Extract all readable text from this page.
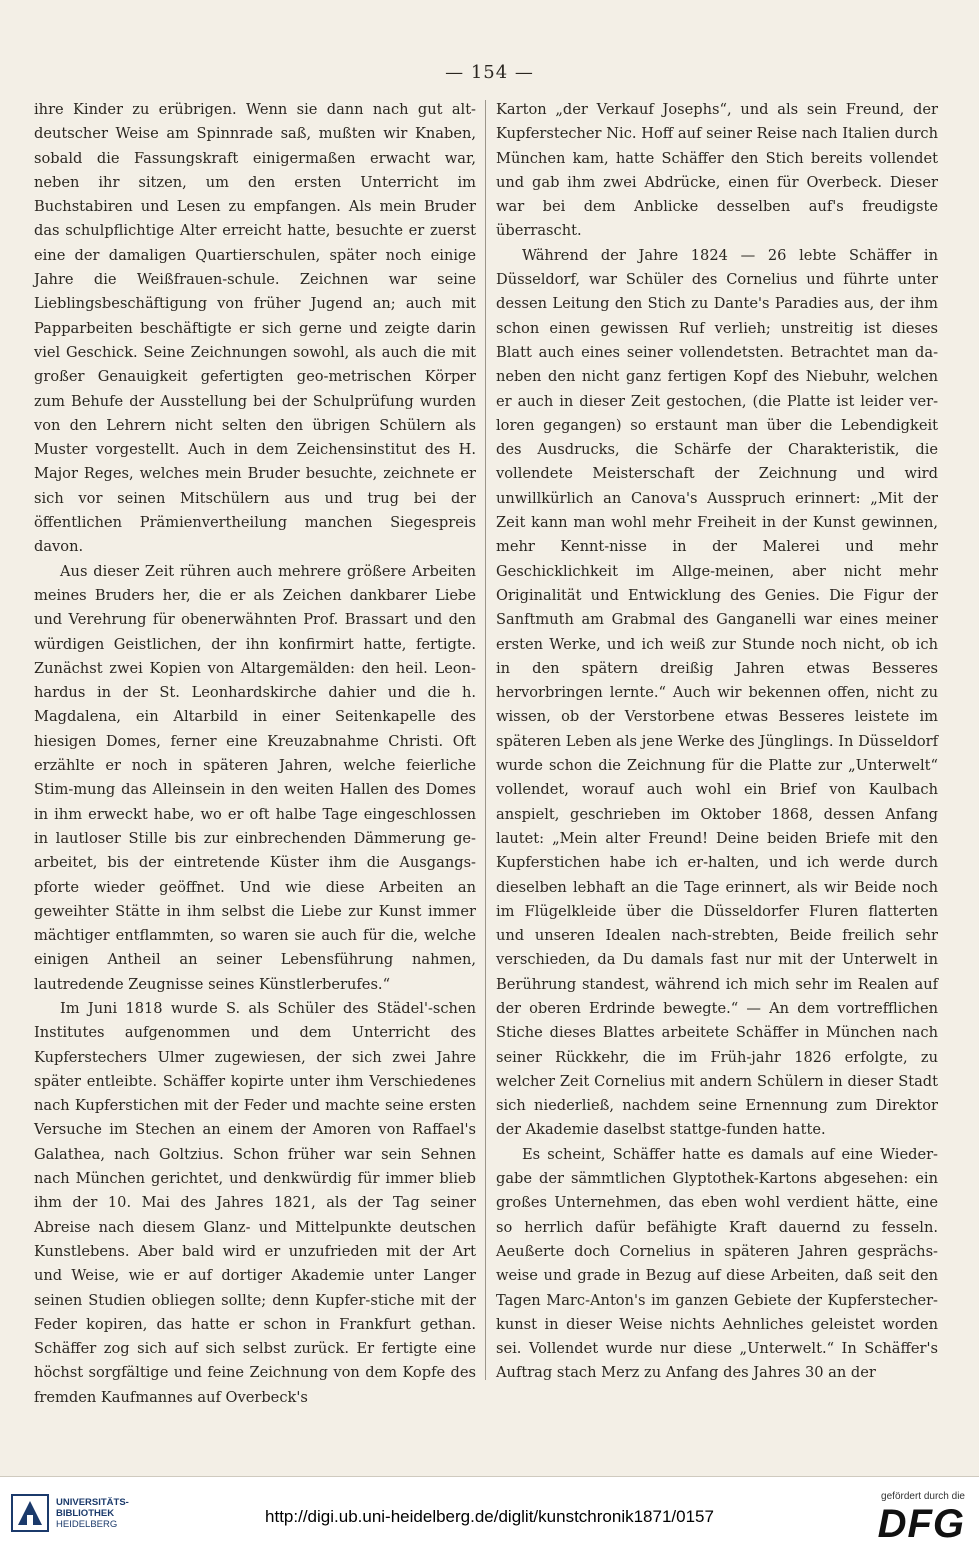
— 154 —

ihre Kinder zu erübrigen. Wenn sie dann nach gut alt-deutscher Weise am Spinnrade saß, mußten wir Knaben, sobald die Fassungskraft einigermaßen erwacht war, neben ihr sitzen, um den ersten Unterricht im Buchstabiren und Lesen zu empfangen. Als mein Bruder das schulpflichtige Alter erreicht hatte, besuchte er zuerst eine der damaligen Quartierschulen, später noch einige Jahre die Weißfrauen-schule. Zeichnen war seine Lieblingsbeschäftigung von früher Jugend an; auch mit Papparbeiten beschäftigte er sich gerne und zeigte darin viel Geschick. Seine Zeichnungen sowohl, als auch die mit großer Genauigkeit gefertigten geo-metrischen Körper zum Behufe der Ausstellung bei der Schulprüfung wurden von den Lehrern nicht selten den übrigen Schülern als Muster vorgestellt. Auch in dem Zeichensinstitut des H. Major Reges, welches mein Bruder besuchte, zeichnete er sich vor seinen Mitschülern aus und trug bei der öffentlichen Prämienvertheilung manchen Siegespreis davon.

Aus dieser Zeit rühren auch mehrere größere Arbeiten meines Bruders her, die er als Zeichen dankbarer Liebe und Verehrung für obenerwähnten Prof. Brassart und den würdigen Geistlichen, der ihn konfirmirt hatte, fertigte. Zunächst zwei Kopien von Altargemälden: den heil. Leon-hardus in der St. Leonhardskirche dahier und die h. Magdalena, ein Altarbild in einer Seitenkapelle des hiesigen Domes, ferner eine Kreuzabnahme Christi. Oft erzählte er noch in späteren Jahren, welche feierliche Stim-mung das Alleinsein in den weiten Hallen des Domes in ihm erweckt habe, wo er oft halbe Tage eingeschlossen in lautloser Stille bis zur einbrechenden Dämmerung ge-arbeitet, bis der eintretende Küster ihm die Ausgangs-pforte wieder geöffnet. Und wie diese Arbeiten an geweihter Stätte in ihm selbst die Liebe zur Kunst immer mächtiger entflammten, so waren sie auch für die, welche einigen Antheil an seiner Lebensführung nahmen, lautredende Zeugnisse seines Künstlerberufes.“

Im Juni 1818 wurde S. als Schüler des Städel'-schen Institutes aufgenommen und dem Unterricht des Kupferstechers Ulmer zugewiesen, der sich zwei Jahre später entleibte. Schäffer kopirte unter ihm Verschiedenes nach Kupferstichen mit der Feder und machte seine ersten Versuche im Stechen an einem der Amoren von Raffael's Galathea, nach Goltzius. Schon früher war sein Sehnen nach München gerichtet, und denkwürdig für immer blieb ihm der 10. Mai des Jahres 1821, als der Tag seiner Abreise nach diesem Glanz- und Mittelpunkte deutschen Kunstlebens. Aber bald wird er unzufrieden mit der Art und Weise, wie er auf dortiger Akademie unter Langer seinen Studien obliegen sollte; denn Kupfer-stiche mit der Feder kopiren, das hatte er schon in Frankfurt gethan. Schäffer zog sich auf sich selbst zurück. Er fertigte eine höchst sorgfältige und feine Zeichnung von dem Kopfe des fremden Kaufmannes auf Overbeck's

Karton „der Verkauf Josephs“, und als sein Freund, der Kupferstecher Nic. Hoff auf seiner Reise nach Italien durch München kam, hatte Schäffer den Stich bereits vollendet und gab ihm zwei Abdrücke, einen für Overbeck. Dieser war bei dem Anblicke desselben auf's freudigste überrascht.

Während der Jahre 1824 — 26 lebte Schäffer in Düsseldorf, war Schüler des Cornelius und führte unter dessen Leitung den Stich zu Dante's Paradies aus, der ihm schon einen gewissen Ruf verlieh; unstreitig ist dieses Blatt auch eines seiner vollendetsten. Betrachtet man da-neben den nicht ganz fertigen Kopf des Niebuhr, welchen er auch in dieser Zeit gestochen, (die Platte ist leider ver-loren gegangen) so erstaunt man über die Lebendigkeit des Ausdrucks, die Schärfe der Charakteristik, die vollendete Meisterschaft der Zeichnung und wird unwillkürlich an Canova's Ausspruch erinnert: „Mit der Zeit kann man wohl mehr Freiheit in der Kunst gewinnen, mehr Kennt-nisse in der Malerei und mehr Geschicklichkeit im Allge-meinen, aber nicht mehr Originalität und Entwicklung des Genies. Die Figur der Sanftmuth am Grabmal des Ganganelli war eines meiner ersten Werke, und ich weiß zur Stunde noch nicht, ob ich in den spätern dreißig Jahren etwas Besseres hervorbringen lernte.“ Auch wir bekennen offen, nicht zu wissen, ob der Verstorbene etwas Besseres leistete im späteren Leben als jene Werke des Jünglings. In Düsseldorf wurde schon die Zeichnung für die Platte zur „Unterwelt“ vollendet, worauf auch wohl ein Brief von Kaulbach anspielt, geschrieben im Oktober 1868, dessen Anfang lautet: „Mein alter Freund! Deine beiden Briefe mit den Kupferstichen habe ich er-halten, und ich werde durch dieselben lebhaft an die Tage erinnert, als wir Beide noch im Flügelkleide über die Düsseldorfer Fluren flatterten und unseren Idealen nach-strebten, Beide freilich sehr verschieden, da Du damals fast nur mit der Unterwelt in Berührung standest, während ich mich sehr im Realen auf der oberen Erdrinde bewegte.“ — An dem vortrefflichen Stiche dieses Blattes arbeitete Schäffer in München nach seiner Rückkehr, die im Früh-jahr 1826 erfolgte, zu welcher Zeit Cornelius mit andern Schülern in dieser Stadt sich niederließ, nachdem seine Ernennung zum Direktor der Akademie daselbst stattge-funden hatte.

Es scheint, Schäffer hatte es damals auf eine Wieder-gabe der sämmtlichen Glyptothek-Kartons abgesehen: ein großes Unternehmen, das eben wohl verdient hätte, eine so herrlich dafür befähigte Kraft dauernd zu fesseln. Aeußerte doch Cornelius in späteren Jahren gesprächs-weise und grade in Bezug auf diese Arbeiten, daß seit den Tagen Marc-Anton's im ganzen Gebiete der Kupferstecher-kunst in dieser Weise nichts Aehnliches geleistet worden sei. Vollendet wurde nur diese „Unterwelt.“ In Schäffer's Auftrag stach Merz zu Anfang des Jahres 30 an der

UNIVERSITÄTS-
BIBLIOTHEK
HEIDELBERG	http://digi.ub.uni-heidelberg.de/diglit/kunstchronik1871/0157
gefördert durch die
DFG
